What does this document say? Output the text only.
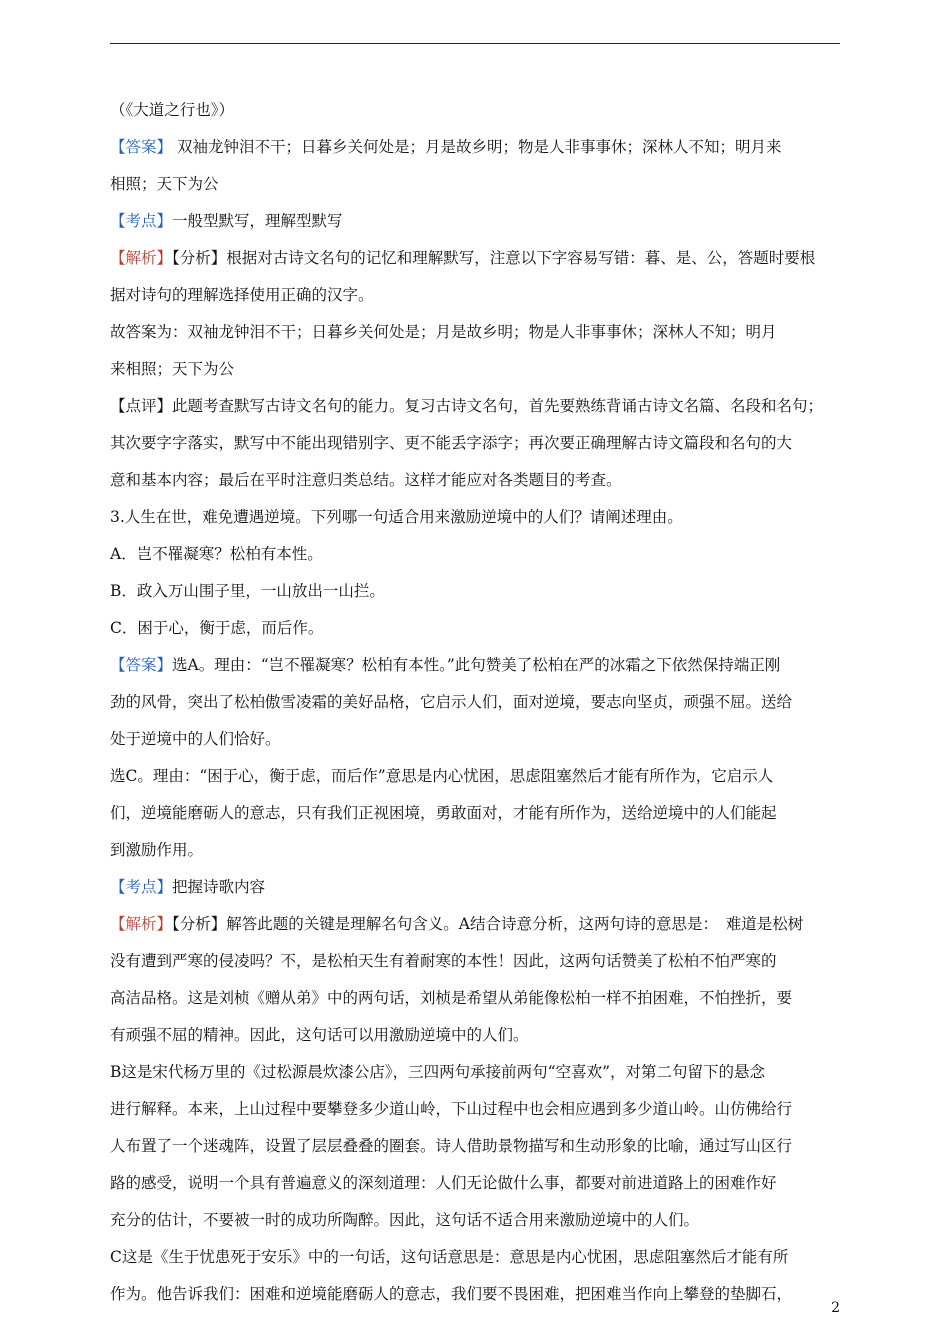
（《大道之行也》）
【答案】 双袖龙钟泪不干；日暮乡关何处是；月是故乡明；物是人非事事休；深林人不知；明月来
相照；天下为公
【考点】一般型默写，理解型默写
【解析】【分析】根据对古诗文名句的记忆和理解默写，注意以下字容易写错：暮、是、公，答题时要根
据对诗句的理解选择使用正确的汉字。
故答案为：双袖龙钟泪不干；日暮乡关何处是；月是故乡明；物是人非事事休；深林人不知；明月
来相照；天下为公
【点评】此题考查默写古诗文名句的能力。复习古诗文名句，首先要熟练背诵古诗文名篇、名段和名句；
其次要字字落实，默写中不能出现错别字、更不能丢字添字；再次要正确理解古诗文篇段和名句的大
意和基本内容；最后在平时注意归类总结。这样才能应对各类题目的考查。
3.人生在世，难免遭遇逆境。下列哪一句适合用来激励逆境中的人们？请阐述理由。
A．岂不罹凝寒？松柏有本性。
B．政入万山围子里，一山放出一山拦。
C．困于心，衡于虑，而后作。
【答案】选A。理由：“岂不罹凝寒？松柏有本性。”此句赞美了松柏在严的冰霜之下依然保持端正刚
劲的风骨，突出了松柏傲雪凌霜的美好品格，它启示人们，面对逆境，要志向坚贞，顽强不屈。送给
处于逆境中的人们恰好。
选C。理由：“困于心，衡于虑，而后作”意思是内心忧困，思虑阻塞然后才能有所作为，它启示人
们，逆境能磨砺人的意志，只有我们正视困境，勇敢面对，才能有所作为，送给逆境中的人们能起
到激励作用。
【考点】把握诗歌内容
【解析】【分析】解答此题的关键是理解名句含义。A结合诗意分析，这两句诗的意思是：　难道是松树
没有遭到严寒的侵凌吗？不，是松柏天生有着耐寒的本性！因此，这两句话赞美了松柏不怕严寒的
高洁品格。这是刘桢《赠从弟》中的两句话，刘桢是希望从弟能像松柏一样不拍困难，不怕挫折，要
有顽强不屈的精神。因此，这句话可以用激励逆境中的人们。
B这是宋代杨万里的《过松源晨炊漆公店》，三四两句承接前两句“空喜欢”，对第二句留下的悬念
进行解释。本来，上山过程中要攀登多少道山岭，下山过程中也会相应遇到多少道山岭。山仿佛给行
人布置了一个迷魂阵，设置了层层叠叠的圈套。诗人借助景物描写和生动形象的比喻，通过写山区行
路的感受，说明一个具有普遍意义的深刻道理：人们无论做什么事，都要对前进道路上的困难作好
充分的估计，不要被一时的成功所陶醉。因此，这句话不适合用来激励逆境中的人们。
C这是《生于忧患死于安乐》中的一句话，这句话意思是：意思是内心忧困，思虑阻塞然后才能有所
作为。他告诉我们：困难和逆境能磨砺人的意志，我们要不畏困难，把困难当作向上攀登的垫脚石，
2
